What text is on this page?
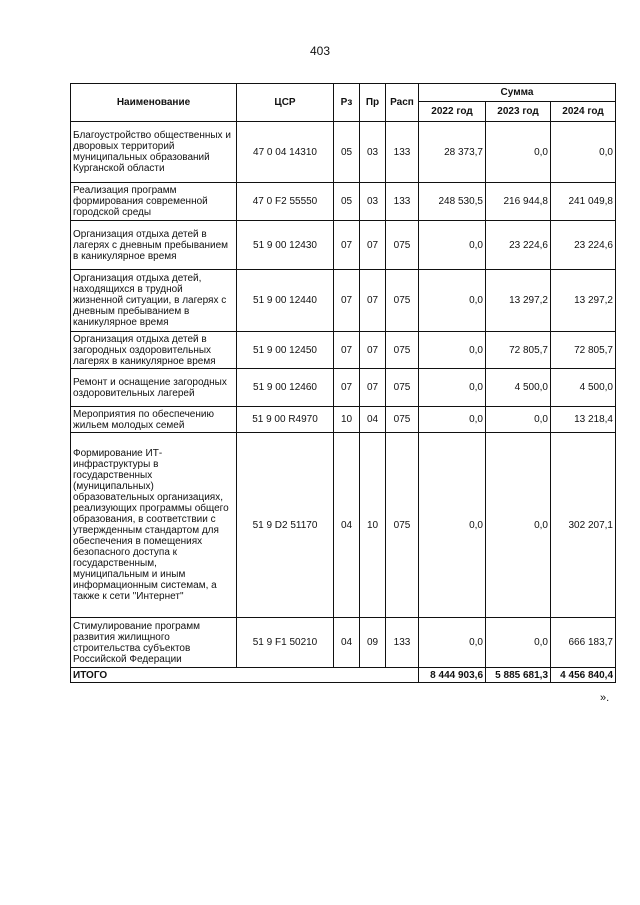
403
Наименование	ЦСР	Рз	Пр	Расп	Сумма		
					2022 год	2023 год	2024 год
Благоустройство общественных и дворовых территорий муниципальных образований Курганской области	47 0 04 14310	05	03	133	28 373,7	0,0	0,0
Реализация программ формирования современной городской среды	47 0 F2 55550	05	03	133	248 530,5	216 944,8	241 049,8
Организация отдыха детей в лагерях с дневным пребыванием в каникулярное время	51 9 00 12430	07	07	075	0,0	23 224,6	23 224,6
Организация отдыха детей, находящихся в трудной жизненной ситуации, в лагерях с дневным пребыванием в каникулярное время	51 9 00 12440	07	07	075	0,0	13 297,2	13 297,2
Организация отдыха детей в загородных оздоровительных лагерях в каникулярное время	51 9 00 12450	07	07	075	0,0	72 805,7	72 805,7
Ремонт и оснащение загородных оздоровительных лагерей	51 9 00 12460	07	07	075	0,0	4 500,0	4 500,0
Мероприятия по обеспечению жильем молодых семей	51 9 00 R4970	10	04	075	0,0	0,0	13 218,4
Формирование ИТ-инфраструктуры в государственных (муниципальных) образовательных организациях, реализующих программы общего образования, в соответствии с утвержденным стандартом для обеспечения в помещениях безопасного доступа к государственным, муниципальным и иным информационным системам, а также к сети "Интернет"	51 9 D2 51170	04	10	075	0,0	0,0	302 207,1
Стимулирование программ развития жилищного строительства субъектов Российской Федерации	51 9 F1 50210	04	09	133	0,0	0,0	666 183,7
ИТОГО					8 444 903,6	5 885 681,3	4 456 840,4
».
